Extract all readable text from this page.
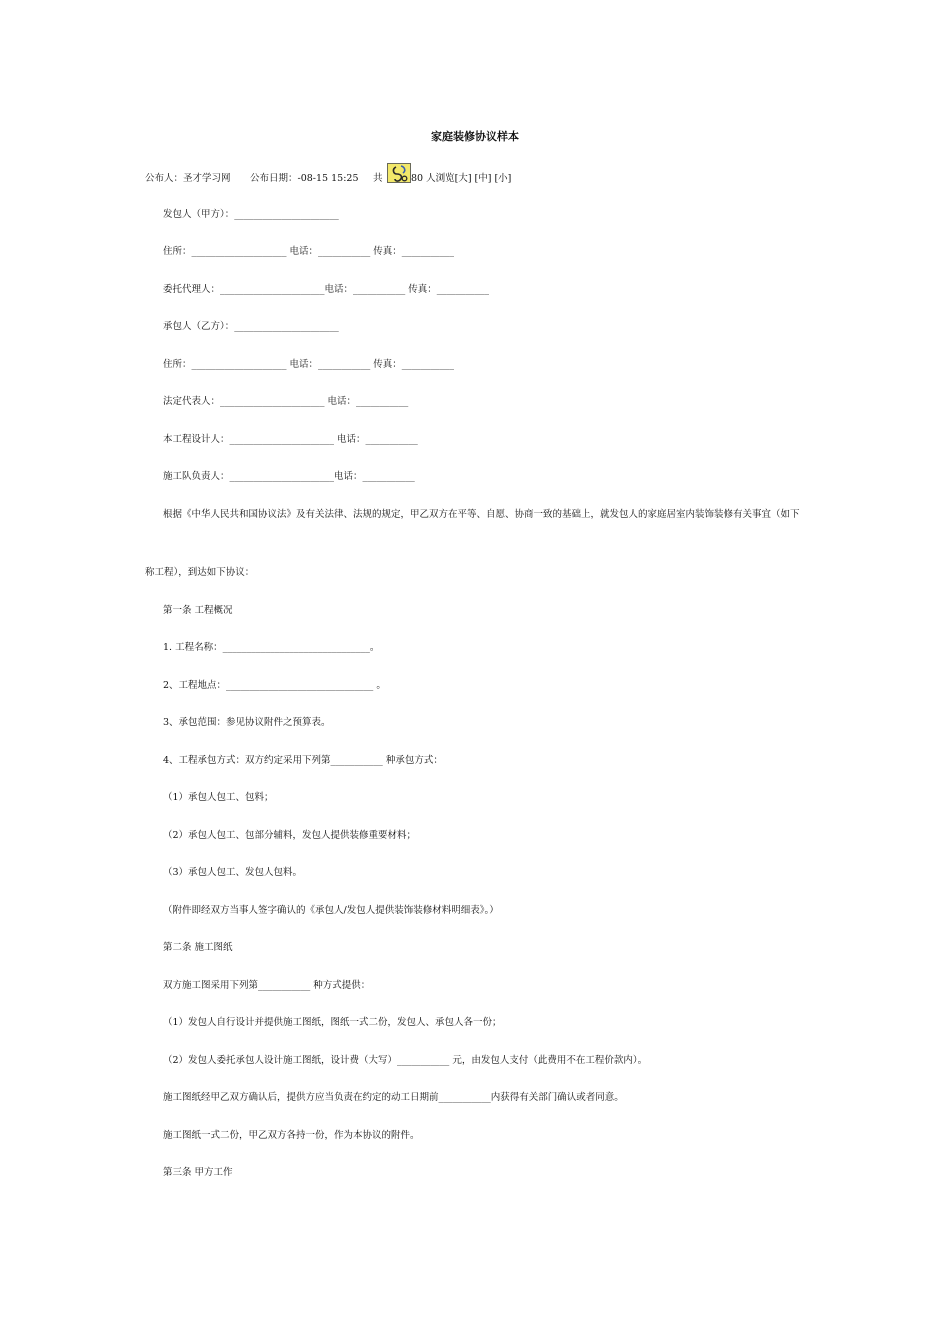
家庭装修协议样本
公布人：圣才学习网 公布日期：-08-15 15:25 共	80 人浏览[大] [中] [小]
发包人（甲方）：______________________
住所：____________________ 电话：___________ 传真：___________
委托代理人：______________________电话：___________ 传真：___________
承包人（乙方）：______________________
住所：____________________ 电话：___________ 传真：___________
法定代表人：______________________ 电话：___________
本工程设计人：______________________ 电话：___________
施工队负责人：______________________电话：___________
根据《中华人民共和国协议法》及有关法律、法规的规定，甲乙双方在平等、自愿、协商一致的基础上，就发包人的家庭居室内装饰装修有关事宜（如下
称工程），到达如下协议：
第一条 工程概况
1. 工程名称：_______________________________。
2、工程地点：_______________________________ 。
3、承包范围：参见协议附件之预算表。
4、工程承包方式：双方约定采用下列第___________ 种承包方式：
（1）承包人包工、包料；
（2）承包人包工、包部分辅料，发包人提供装修重要材料；
（3）承包人包工、发包人包料。
（附件即经双方当事人签字确认的《承包人/发包人提供装饰装修材料明细表》。）
第二条 施工图纸
双方施工图采用下列第___________ 种方式提供：
（1）发包人自行设计并提供施工图纸，图纸一式二份，发包人、承包人各一份；
（2）发包人委托承包人设计施工图纸，设计费（大写）___________ 元，由发包人支付（此费用不在工程价款内）。
施工图纸经甲乙双方确认后，提供方应当负责在约定的动工日期前___________内获得有关部门确认或者同意。
施工图纸一式二份，甲乙双方各持一份，作为本协议的附件。
第三条 甲方工作
